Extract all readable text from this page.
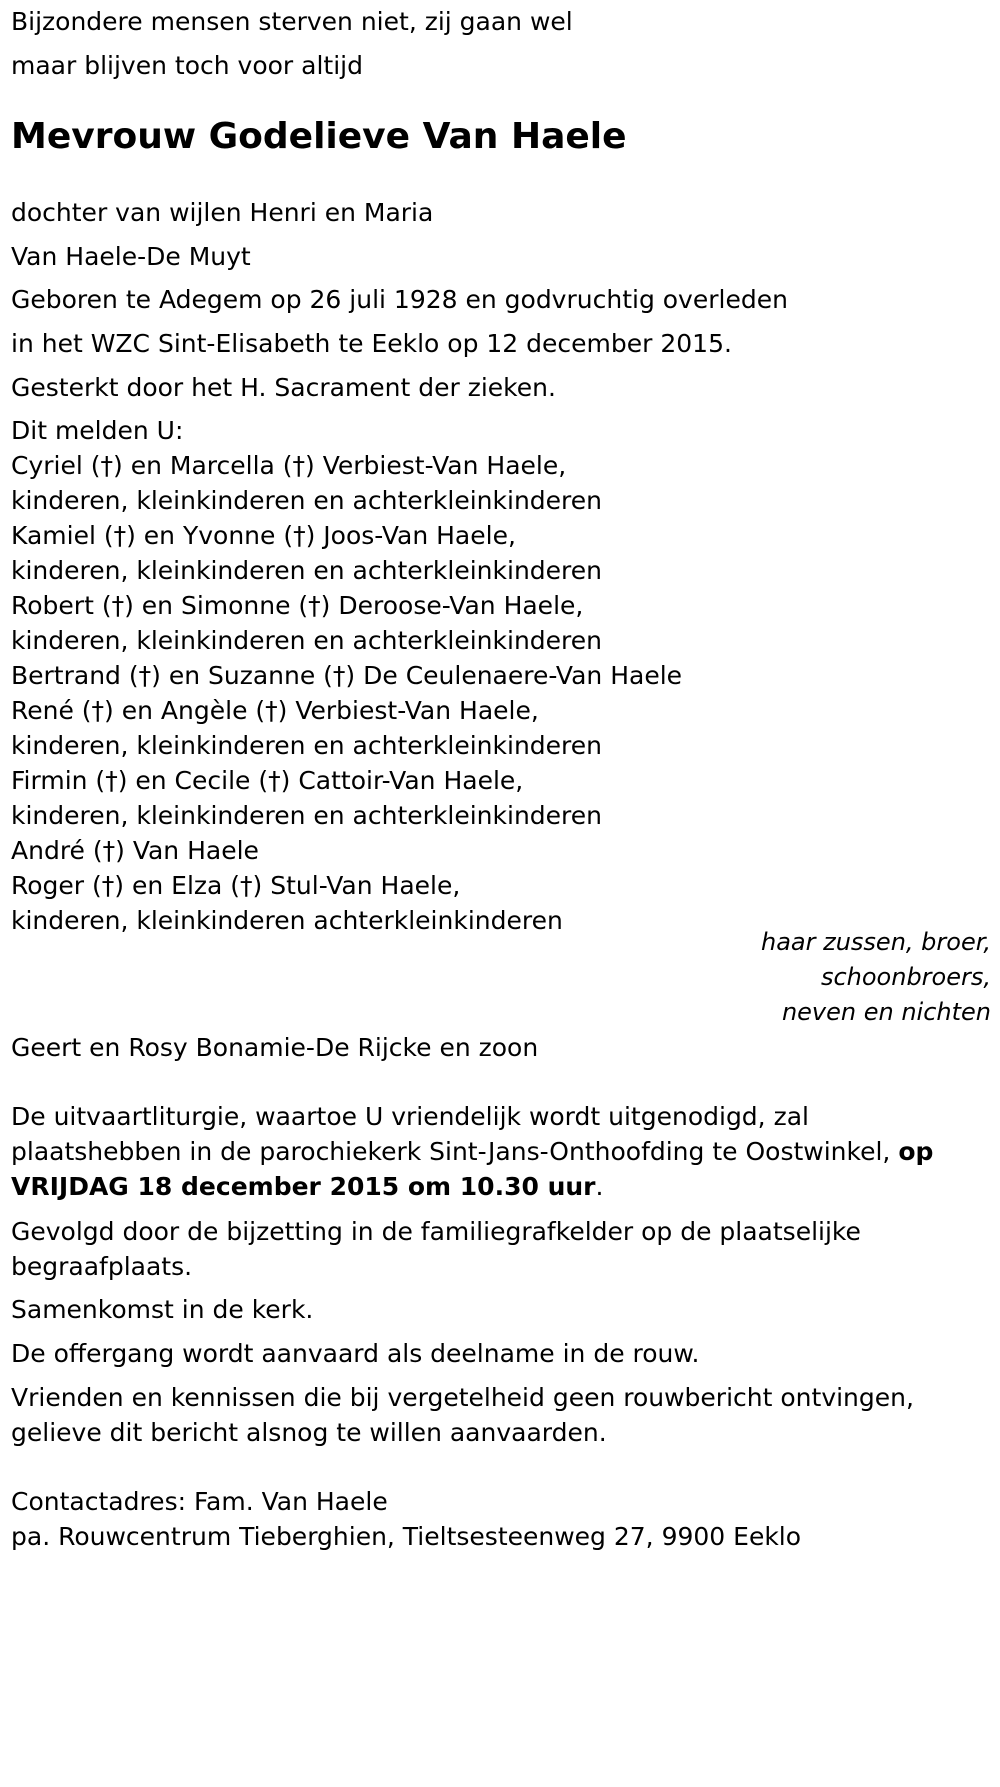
Bijzondere mensen sterven niet, zij gaan wel
maar blijven toch voor altijd
Mevrouw Godelieve Van Haele
dochter van wijlen Henri en Maria
Van Haele-De Muyt
Geboren te Adegem op 26 juli 1928 en godvruchtig overleden
in het WZC Sint-Elisabeth te Eeklo op 12 december 2015.
Gesterkt door het H. Sacrament der zieken.
Dit melden U:
Cyriel (†) en Marcella (†) Verbiest-Van Haele,
kinderen, kleinkinderen en achterkleinkinderen
Kamiel (†) en Yvonne (†) Joos-Van Haele,
kinderen, kleinkinderen en achterkleinkinderen
Robert (†) en Simonne (†) Deroose-Van Haele,
kinderen, kleinkinderen en achterkleinkinderen
Bertrand (†) en Suzanne (†) De Ceulenaere-Van Haele
René (†) en Angèle (†) Verbiest-Van Haele,
kinderen, kleinkinderen en achterkleinkinderen
Firmin (†) en Cecile (†) Cattoir-Van Haele,
kinderen, kleinkinderen en achterkleinkinderen
André (†) Van Haele
Roger (†) en Elza (†) Stul-Van Haele,
kinderen, kleinkinderen achterkleinkinderen
haar zussen, broer,
schoonbroers,
neven en nichten
Geert en Rosy Bonamie-De Rijcke en zoon
De uitvaartliturgie, waartoe U vriendelijk wordt uitgenodigd, zal
plaatshebben in de parochiekerk Sint-Jans-Onthoofding te Oostwinkel, op
VRIJDAG 18 december 2015 om 10.30 uur.
Gevolgd door de bijzetting in de familiegrafkelder op de plaatselijke
begraafplaats.
Samenkomst in de kerk.
De offergang wordt aanvaard als deelname in de rouw.
Vrienden en kennissen die bij vergetelheid geen rouwbericht ontvingen,
gelieve dit bericht alsnog te willen aanvaarden.
Contactadres: Fam. Van Haele
pa. Rouwcentrum Tieberghien, Tieltsesteenweg 27, 9900 Eeklo
